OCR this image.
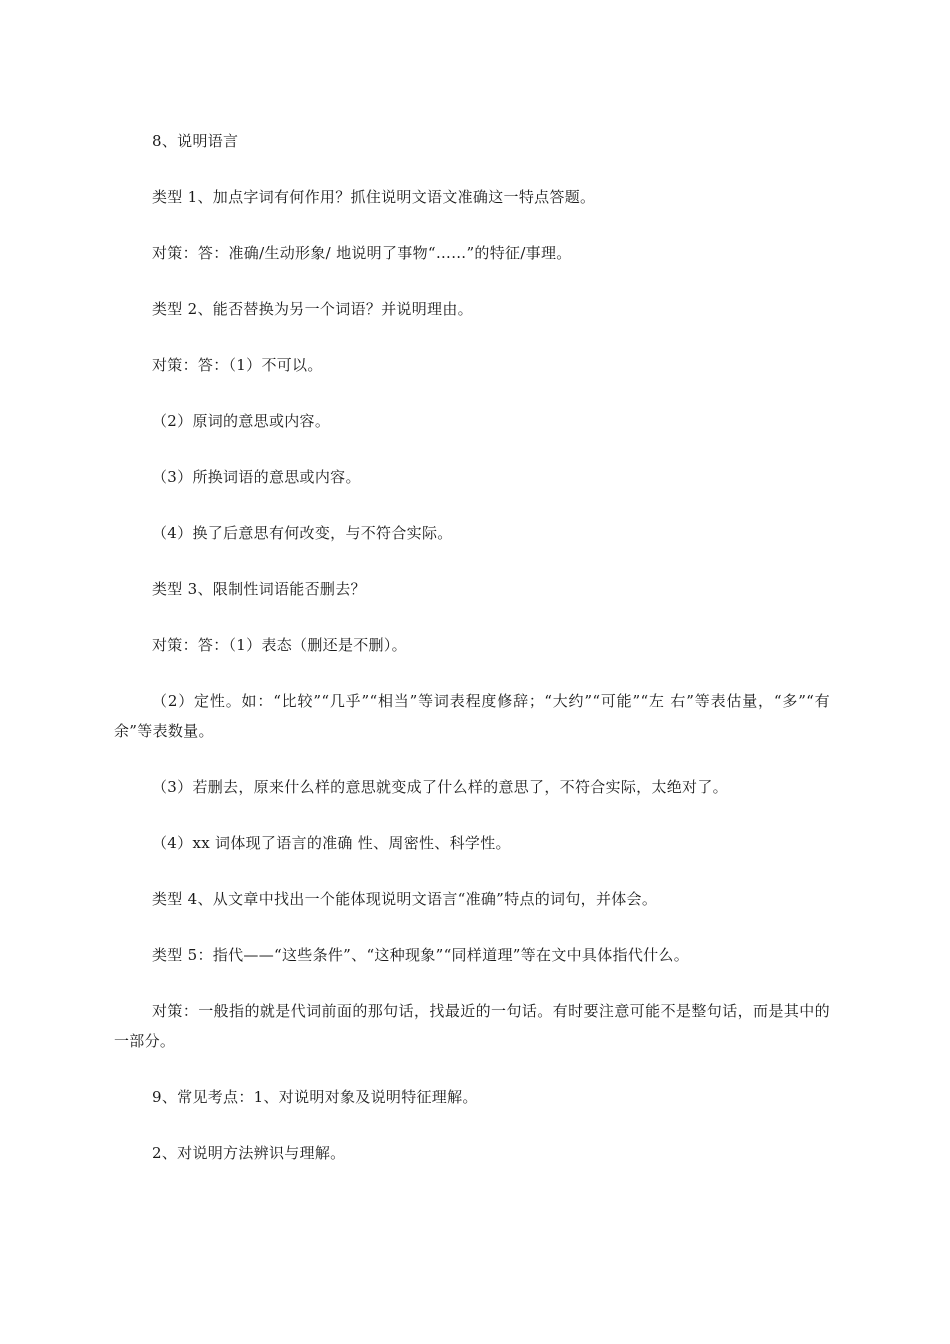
8、说明语言

类型 1、加点字词有何作用？抓住说明文语文准确这一特点答题。

对策：答：准确/生动形象/ 地说明了事物“……”的特征/事理。

类型 2、能否替换为另一个词语？并说明理由。

对策：答：（1）不可以。

（2）原词的意思或内容。

（3）所换词语的意思或内容。

（4）换了后意思有何改变，与不符合实际。

类型 3、限制性词语能否删去？

对策：答：（1）表态（删还是不删）。

（2）定性。如：“比较”“几乎”“相当”等词表程度修辞；“大约”“可能”“左 右”等表估量，“多”“有余”等表数量。

（3）若删去，原来什么样的意思就变成了什么样的意思了，不符合实际，太绝对了。

（4）xx 词体现了语言的准确 性、周密性、科学性。

类型 4、从文章中找出一个能体现说明文语言“准确”特点的词句，并体会。

类型 5：指代——“这些条件”、“这种现象”“同样道理”等在文中具体指代什么。

对策：一般指的就是代词前面的那句话，找最近的一句话。有时要注意可能不是整句话，而是其中的一部分。

9、常见考点：1、对说明对象及说明特征理解。

2、对说明方法辨识与理解。
